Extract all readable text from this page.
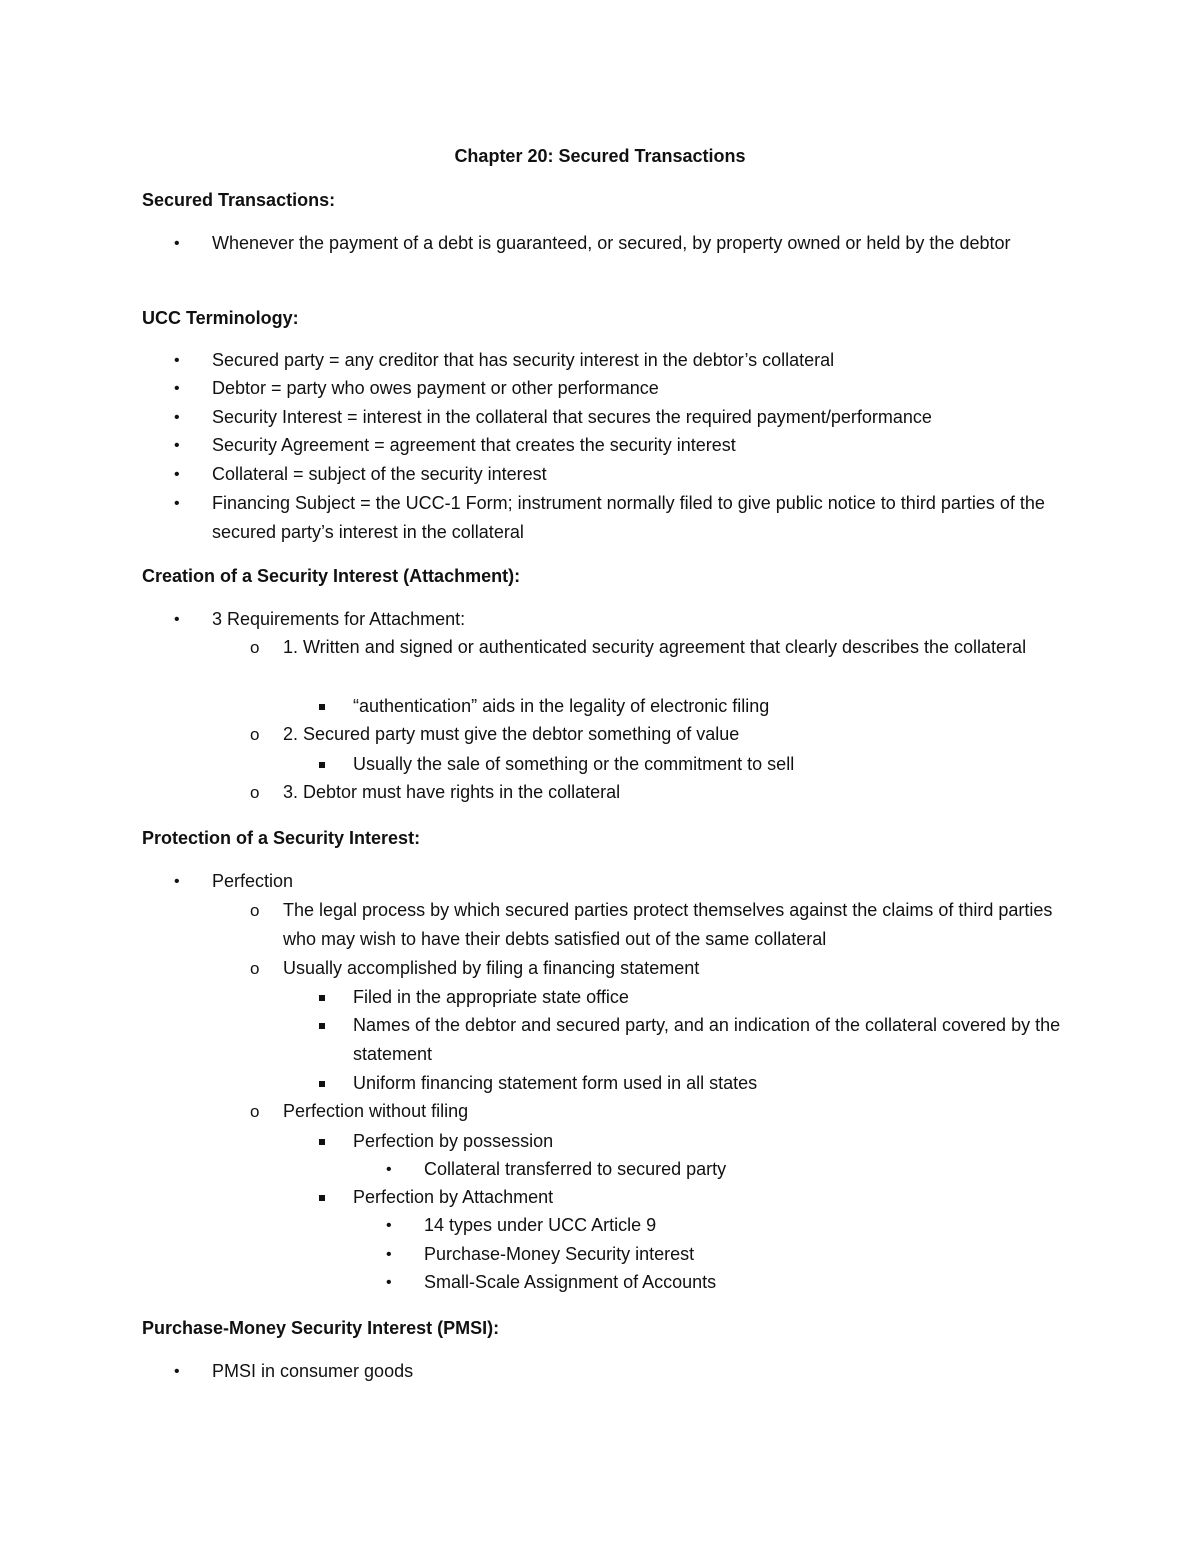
Chapter 20: Secured Transactions
Secured Transactions:
• Whenever the payment of a debt is guaranteed, or secured, by property owned or held by the debtor
UCC Terminology:
• Secured party = any creditor that has security interest in the debtor’s collateral
• Debtor = party who owes payment or other performance
• Security Interest = interest in the collateral that secures the required payment/performance
• Security Agreement = agreement that creates the security interest
• Collateral = subject of the security interest
• Financing Subject = the UCC-1 Form; instrument normally filed to give public notice to third parties of the secured party’s interest in the collateral
Creation of a Security Interest (Attachment):
• 3 Requirements for Attachment:
o 1. Written and signed or authenticated security agreement that clearly describes the collateral
“authentication” aids in the legality of electronic filing
o 2. Secured party must give the debtor something of value
Usually the sale of something or the commitment to sell
o 3. Debtor must have rights in the collateral
Protection of a Security Interest:
• Perfection
o The legal process by which secured parties protect themselves against the claims of third parties who may wish to have their debts satisfied out of the same collateral
o Usually accomplished by filing a financing statement
Filed in the appropriate state office
Names of the debtor and secured party, and an indication of the collateral covered by the statement
Uniform financing statement form used in all states
o Perfection without filing
Perfection by possession
• Collateral transferred to secured party
Perfection by Attachment
• 14 types under UCC Article 9
• Purchase-Money Security interest
• Small-Scale Assignment of Accounts
Purchase-Money Security Interest (PMSI):
• PMSI in consumer goods
